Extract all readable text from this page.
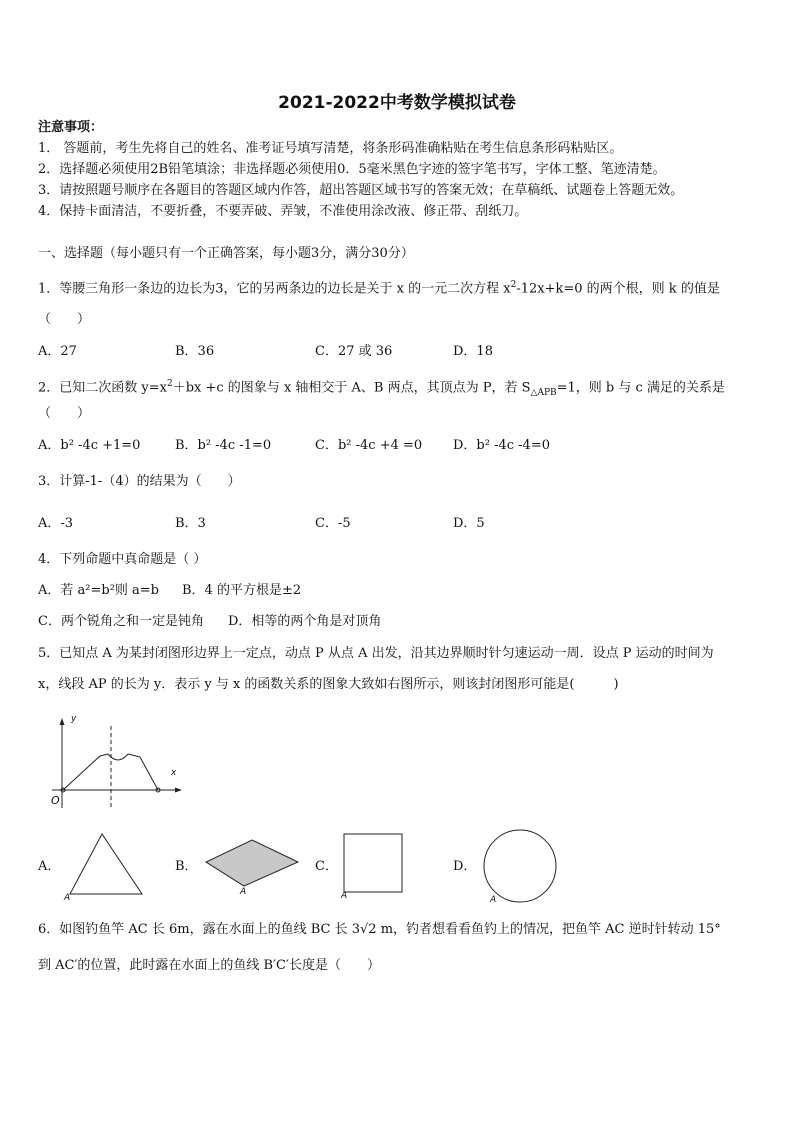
2021-2022中考数学模拟试卷
注意事项：
1． 答题前，考生先将自己的姓名、准考证号填写清楚，将条形码准确粘贴在考生信息条形码粘贴区。
2．选择题必须使用2B铅笔填涂；非选择题必须使用0．5毫米黑色字迹的签字笔书写，字体工整、笔迹清楚。
3．请按照题号顺序在各题目的答题区域内作答，超出答题区域书写的答案无效；在草稿纸、试题卷上答题无效。
4．保持卡面清洁，不要折叠，不要弄破、弄皱，不准使用涂改液、修正带、刮纸刀。
一、选择题（每小题只有一个正确答案，每小题3分，满分30分）
1．等腰三角形一条边的边长为3，它的另两条边的边长是关于 x 的一元二次方程 $x^2-12x+k=0$ 的两个根，则 k 的值是
（　　）
A．27	B．36	C．27 或 36	D．18
2．已知二次函数 $y=x^2+bx +c$ 的图象与 x 轴相交于 A、B 两点，其顶点为 P，若 $S_{\triangle APB}=1$，则 b 与 c 满足的关系是
（　　）
A．b² -4c +1=0	B．b² -4c -1=0	C．b² -4c +4 =0 D．b² -4c -4=0
3．计算-1-（4）的结果为（　　）
A．-3	B．3	C．-5	D．5
4．下列命题中真命题是（ ）
A．若 a²=b²则 a=b B．4 的平方根是±2
C．两个锐角之和一定是钝角 D．相等的两个角是对顶角
5．已知点 A 为某封闭图形边界上一定点，动点 P 从点 A 出发，沿其边界顺时针匀速运动一周．设点 P 运动的时间为
x，线段 AP 的长为 y．表示 y 与 x 的函数关系的图象大致如右图所示，则该封闭图形可能是(　　　)
y
x
O
A．
A
B．
A
C．
A
D．
A
6．如图钓鱼竿 AC 长 6m，露在水面上的鱼线 BC 长 3√2 m，钓者想看看鱼钓上的情况，把鱼竿 AC 逆时针转动 15°
到 AC′的位置，此时露在水面上的鱼线 B′C′长度是（　　）
